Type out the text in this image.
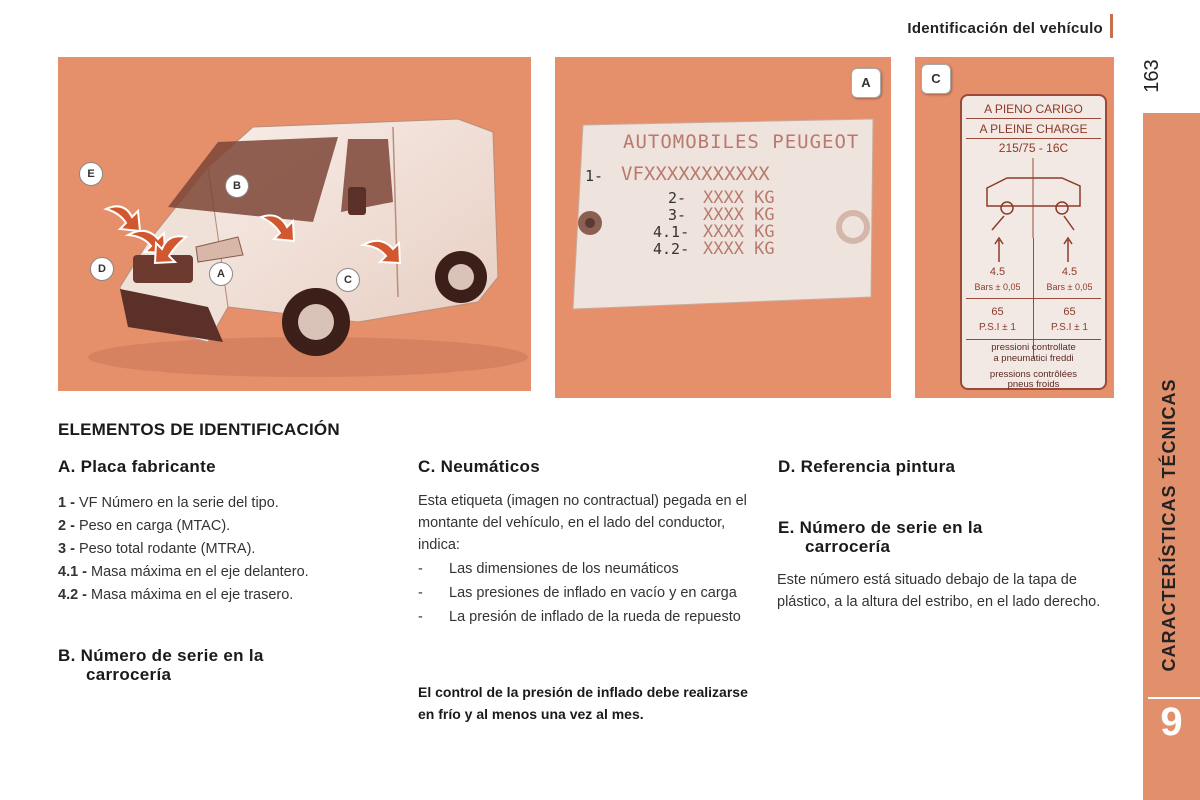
Identificación del vehículo
163
CARACTERÍSTICAS TÉCNICAS
9
E
B
D	A	C
A
AUTOMOBILES PEUGEOT
1- VFXXXXXXXXXXX
2- XXXX KG
3- XXXX KG
4.1- XXXX KG
4.2- XXXX KG
C
A PIENO CARIGO
A PLEINE CHARGE
215/75 - 16C
4.5	4.5
Bars ± 0,05	Bars ± 0,05
65	65
P.S.I ± 1	P.S.I ± 1
pressioni controllate
a pneumatici freddi
pressions contrôlées
pneus froids
ELEMENTOS DE IDENTIFICACIÓN
A. Placa fabricante

1 - VF Número en la serie del tipo.

2 - Peso en carga (MTAC).

3 - Peso total rodante (MTRA).

4.1 - Masa máxima en el eje delantero.

4.2 - Masa máxima en el eje trasero.

B. Número de serie en la
carrocería
C. Neumáticos
Esta etiqueta (imagen no contractual) pegada en el montante del vehículo, en el lado del conductor, indica:
- Las dimensiones de los neumáticos
- Las presiones de inflado en vacío y en carga
- La presión de inflado de la rueda de repuesto
El control de la presión de inflado debe realizarse en frío y al menos una vez al mes.
D. Referencia pintura
E. Número de serie en la
carrocería
Este número está situado debajo de la tapa de plástico, a la altura del estribo, en el lado derecho.
